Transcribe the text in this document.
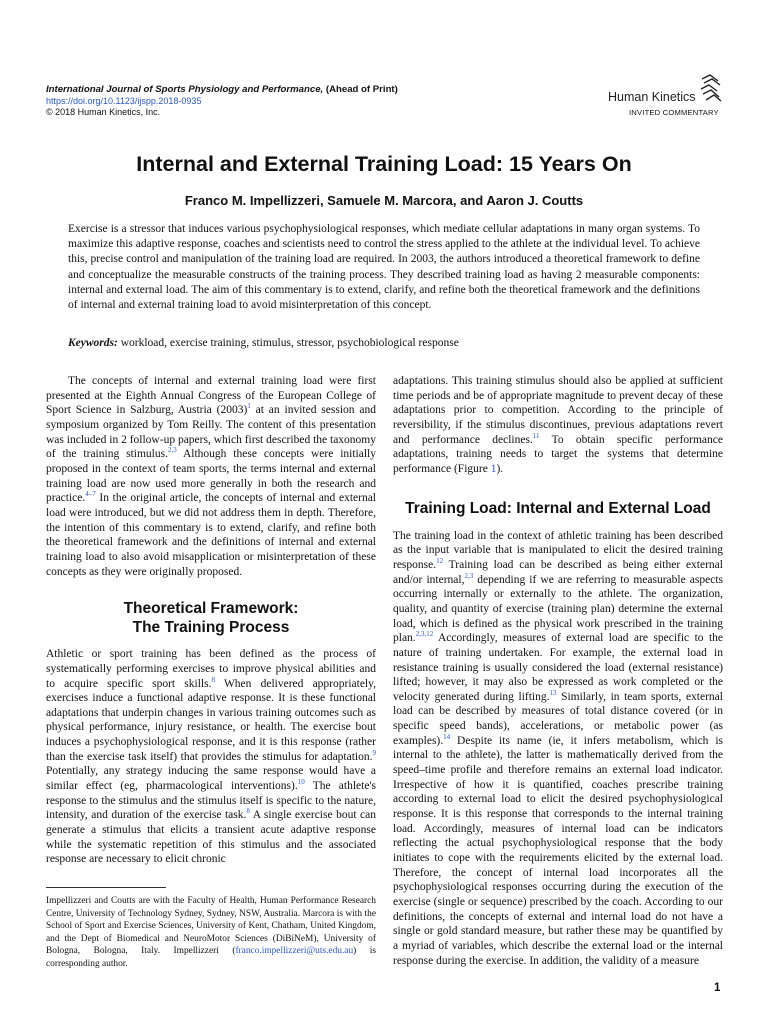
International Journal of Sports Physiology and Performance, (Ahead of Print)
https://doi.org/10.1123/ijspp.2018-0935
© 2018 Human Kinetics, Inc.
Human Kinetics
INVITED COMMENTARY
Internal and External Training Load: 15 Years On
Franco M. Impellizzeri, Samuele M. Marcora, and Aaron J. Coutts

Exercise is a stressor that induces various psychophysiological responses, which mediate cellular adaptations in many organ systems. To maximize this adaptive response, coaches and scientists need to control the stress applied to the athlete at the individual level. To achieve this, precise control and manipulation of the training load are required. In 2003, the authors introduced a theoretical framework to define and conceptualize the measurable constructs of the training process. They described training load as having 2 measurable components: internal and external load. The aim of this commentary is to extend, clarify, and refine both the theoretical framework and the definitions of internal and external training load to avoid misinterpretation of this concept.

Keywords: workload, exercise training, stimulus, stressor, psychobiological response

The concepts of internal and external training load were first presented at the Eighth Annual Congress of the European College of Sport Science in Salzburg, Austria (2003)$^1$ at an invited session and symposium organized by Tom Reilly. The content of this presentation was included in 2 follow-up papers, which first described the taxonomy of the training stimulus.$^{2,3}$ Although these concepts were initially proposed in the context of team sports, the terms internal and external training load are now used more generally in both the research and practice.$^{4-7}$ In the original article, the concepts of internal and external load were introduced, but we did not address them in depth. Therefore, the intention of this commentary is to extend, clarify, and refine both the theoretical framework and the definitions of internal and external training load to also avoid misapplication or misinterpretation of these concepts as they were originally proposed.

Theoretical Framework:
The Training Process

Athletic or sport training has been defined as the process of systematically performing exercises to improve physical abilities and to acquire specific sport skills.$^8$ When delivered appropriately, exercises induce a functional adaptive response. It is these functional adaptations that underpin changes in various training outcomes such as physical performance, injury resistance, or health. The exercise bout induces a psychophysiological response, and it is this response (rather than the exercise task itself) that provides the stimulus for adaptation.$^9$ Potentially, any strategy inducing the same response would have a similar effect (eg, pharmacological interventions).$^{10}$ The athlete's response to the stimulus and the stimulus itself is specific to the nature, intensity, and duration of the exercise task.$^8$ A single exercise bout can generate a stimulus that elicits a transient acute adaptive response while the systematic repetition of this stimulus and the associated response are necessary to elicit chronic

Impellizzeri and Coutts are with the Faculty of Health, Human Performance Research Centre, University of Technology Sydney, Sydney, NSW, Australia. Marcora is with the School of Sport and Exercise Sciences, University of Kent, Chatham, United Kingdom, and the Dept of Biomedical and NeuroMotor Sciences (DiBiNeM), University of Bologna, Bologna, Italy. Impellizzeri (franco.impellizzeri@uts.edu.au) is corresponding author.

adaptations. This training stimulus should also be applied at sufficient time periods and be of appropriate magnitude to prevent decay of these adaptations prior to competition. According to the principle of reversibility, if the stimulus discontinues, previous adaptations revert and performance declines.$^{11}$ To obtain specific performance adaptations, training needs to target the systems that determine performance (Figure 1).

Training Load: Internal and External Load

The training load in the context of athletic training has been described as the input variable that is manipulated to elicit the desired training response.$^{12}$ Training load can be described as being either external and/or internal,$^{2,3}$ depending if we are referring to measurable aspects occurring internally or externally to the athlete. The organization, quality, and quantity of exercise (training plan) determine the external load, which is defined as the physical work prescribed in the training plan.$^{2,3,12}$ Accordingly, measures of external load are specific to the nature of training undertaken. For example, the external load in resistance training is usually considered the load (external resistance) lifted; however, it may also be expressed as work completed or the velocity generated during lifting.$^{13}$ Similarly, in team sports, external load can be described by measures of total distance covered (or in specific speed bands), accelerations, or metabolic power (as examples).$^{14}$ Despite its name (ie, it infers metabolism, which is internal to the athlete), the latter is mathematically derived from the speed–time profile and therefore remains an external load indicator. Irrespective of how it is quantified, coaches prescribe training according to external load to elicit the desired psychophysiological response. It is this response that corresponds to the internal training load. Accordingly, measures of internal load can be indicators reflecting the actual psychophysiological response that the body initiates to cope with the requirements elicited by the external load. Therefore, the concept of internal load incorporates all the psychophysiological responses occurring during the execution of the exercise (single or sequence) prescribed by the coach. According to our definitions, the concepts of external and internal load do not have a single or gold standard measure, but rather these may be quantified by a myriad of variables, which describe the external load or the internal response during the exercise. In addition, the validity of a measure

1
